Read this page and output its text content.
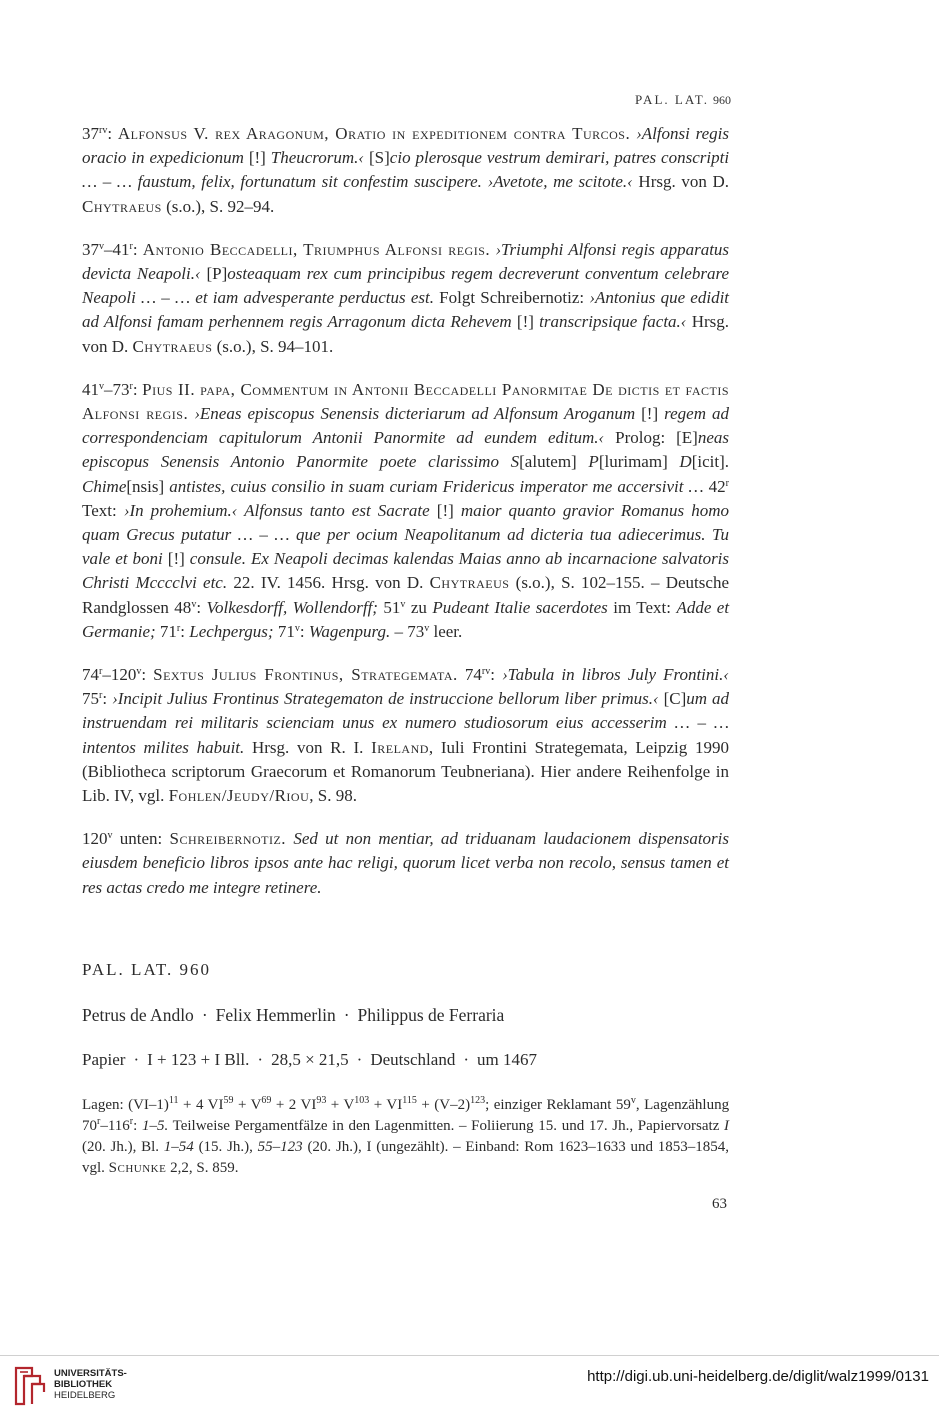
PAL. LAT. 960

$37^{rv}$: Alfonsus V. rex Aragonum, Oratio in expeditionem contra Turcos. ›Alfonsi regis oracio in expedicionum [!] Theucrorum.‹ [S]cio plerosque vestrum demirari, patres conscripti … – … faustum, felix, fortunatum sit confestim suscipere. ›Avetote, me scitote.‹ Hrsg. von D. Chytraeus (s.o.), S. 92–94.

37$^v$–41$^r$: Antonio Beccadelli, Triumphus Alfonsi regis. ›Triumphi Alfonsi regis apparatus devicta Neapoli.‹ [P]osteaquam rex cum principibus regem decreverunt conventum celebrare Neapoli … – … et iam advesperante perductus est. Folgt Schreibernotiz: ›Antonius que edidit ad Alfonsi famam perhennem regis Arragonum dicta Rehevem [!] transcripsique facta.‹ Hrsg. von D. Chytraeus (s.o.), S. 94–101.

41$^v$–73$^r$: Pius II. papa, Commentum in Antonii Beccadelli Panormitae De dictis et factis Alfonsi regis. ›Eneas episcopus Senensis dicteriarum ad Alfonsum Aroganum [!] regem ad correspondenciam capitulorum Antonii Panormite ad eundem editum.‹ Prolog: [E]neas episcopus Senensis Antonio Panormite poete clarissimo S[alutem] P[lurimam] D[icit]. Chime[nsis] antistes, cuius consilio in suam curiam Fridericus imperator me accersivit … 42$^r$ Text: ›In prohemium.‹ Alfonsus tanto est Sacrate [!] maior quanto gravior Romanus homo quam Grecus putatur … – … que per ocium Neapolitanum ad dicteria tua adiecerimus. Tu vale et boni [!] consule. Ex Neapoli decimas kalendas Maias anno ab incarnacione salvatoris Christi Mcccclvi etc. 22. IV. 1456. Hrsg. von D. Chytraeus (s.o.), S. 102–155. – Deutsche Randglossen 48$^v$: Volkesdorff, Wollendorff; 51$^v$ zu Pudeant Italie sacerdotes im Text: Adde et Germanie; 71$^r$: Lechpergus; 71$^v$: Wagenpurg. – 73$^v$ leer.

74$^r$–120$^v$: Sextus Julius Frontinus, Strategemata. $74^{rv}$: ›Tabula in libros July Frontini.‹ 75$^r$: ›Incipit Julius Frontinus Strategematon de instruccione bellorum liber primus.‹ [C]um ad instruendam rei militaris scienciam unus ex numero studiosorum eius accesserim … – … intentos milites habuit. Hrsg. von R. I. Ireland, Iuli Frontini Strategemata, Leipzig 1990 (Bibliotheca scriptorum Graecorum et Romanorum Teubneriana). Hier andere Reihenfolge in Lib. IV, vgl. Fohlen/Jeudy/Riou, S. 98.

120$^v$ unten: Schreibernotiz. Sed ut non mentiar, ad triduanam laudacionem dispensatoris eiusdem beneficio libros ipsos ante hac religi, quorum licet verba non recolo, sensus tamen et res actas credo me integre retinere.

PAL. LAT. 960
Petrus de Andlo · Felix Hemmerlin · Philippus de Ferraria
Papier · I + 123 + I Bll. · 28,5 × 21,5 · Deutschland · um 1467

Lagen: $(VI-1)^{11} + 4$ $VI^{59} + V^{69} + 2$ $VI^{93} + V^{103} + VI^{115} + (V-2)^{123}$; einziger Reklamant 59$^v$, Lagenzählung 70$^r$–116$^r$: 1–5. Teilweise Pergamentfälze in den Lagenmitten. – Foliierung 15. und 17. Jh., Papiervorsatz I (20. Jh.), Bl. 1–54 (15. Jh.), 55–123 (20. Jh.), I (ungezählt). – Einband: Rom 1623–1633 und 1853–1854, vgl. Schunke 2,2, S. 859.

63
UNIVERSITÄTS-
BIBLIOTHEK
HEIDELBERG
http://digi.ub.uni-heidelberg.de/diglit/walz1999/0131
